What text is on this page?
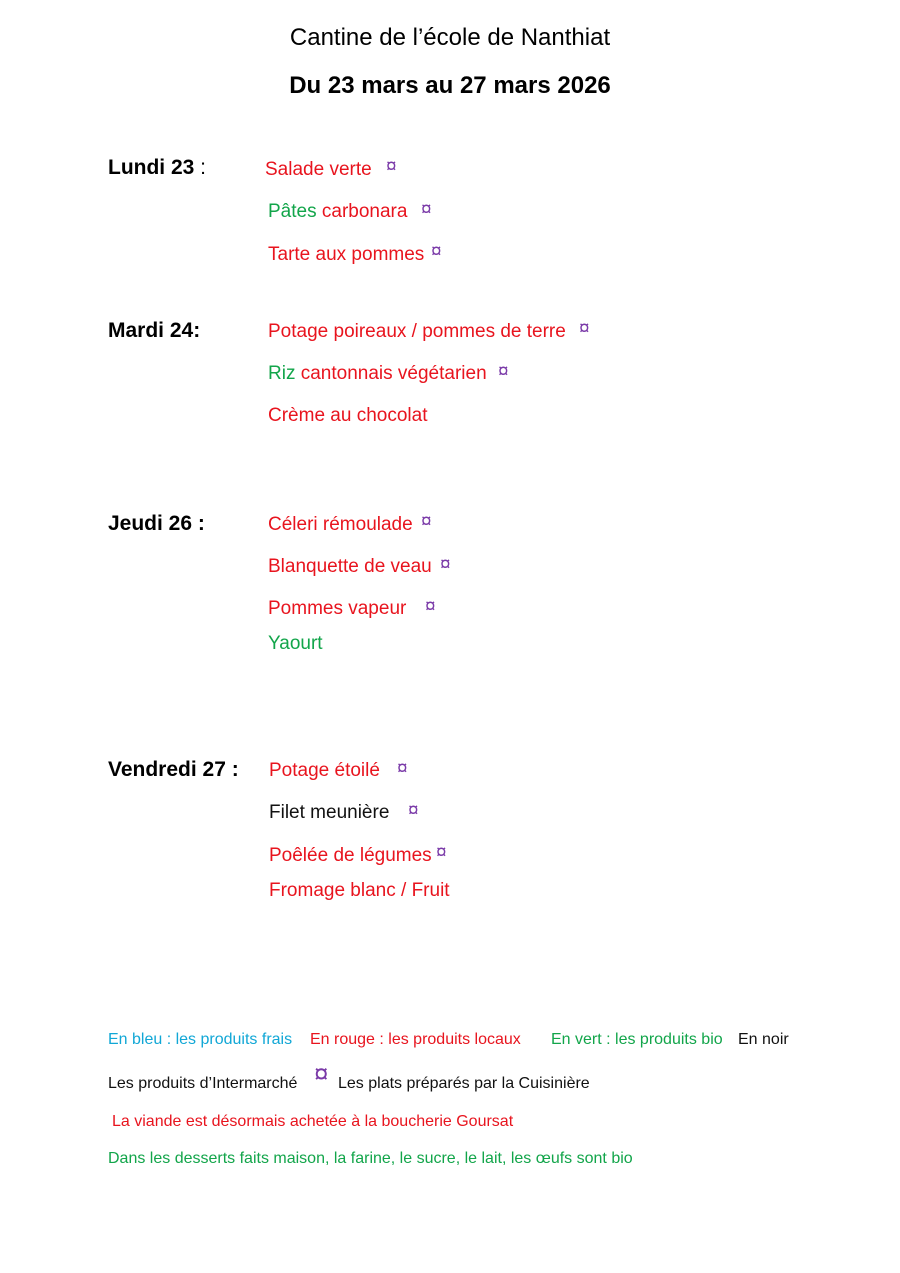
Cantine de l’école de Nanthiat
Du 23 mars au 27 mars 2026
Lundi 23 :	Salade verte ¤
Pâtes carbonara ¤
Tarte aux pommes ¤
Mardi 24:	Potage poireaux / pommes de terre ¤
Riz cantonnais végétarien ¤
Crème au chocolat
Jeudi 26 :	Céleri rémoulade ¤
Blanquette de veau ¤
Pommes vapeur ¤
Yaourt
Vendredi 27 : Potage étoilé ¤
Filet meunière ¤
Poêlée de légumes ¤
Fromage blanc / Fruit
En bleu : les produits frais En rouge : les produits locaux En vert : les produits bio En noir
Les produits d’Intermarché ¤ Les plats préparés par la Cuisinière
La viande est désormais achetée à la boucherie Goursat
Dans les desserts faits maison, la farine, le sucre, le lait, les œufs sont bio
